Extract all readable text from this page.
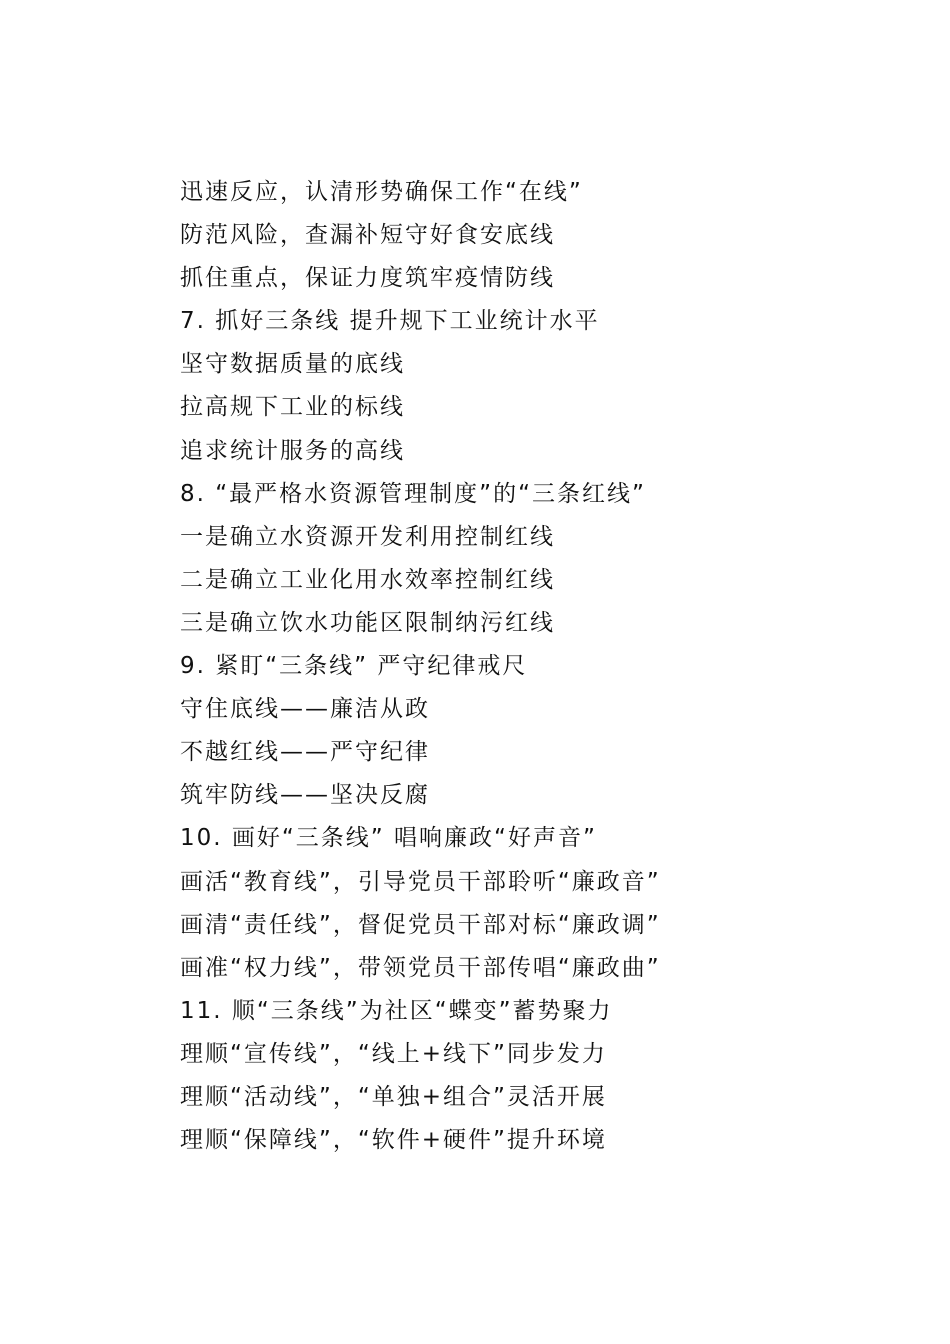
迅速反应，认清形势确保工作“在线”
防范风险，查漏补短守好食安底线
抓住重点，保证力度筑牢疫情防线
7. 抓好三条线 提升规下工业统计水平
坚守数据质量的底线
拉高规下工业的标线
追求统计服务的高线
8. “最严格水资源管理制度”的“三条红线”
一是确立水资源开发利用控制红线
二是确立工业化用水效率控制红线
三是确立饮水功能区限制纳污红线
9. 紧盯“三条线” 严守纪律戒尺
守住底线——廉洁从政
不越红线——严守纪律
筑牢防线——坚决反腐
10. 画好“三条线” 唱响廉政“好声音”
画活“教育线”，引导党员干部聆听“廉政音”
画清“责任线”，督促党员干部对标“廉政调”
画准“权力线”，带领党员干部传唱“廉政曲”
11. 顺“三条线”为社区“蝶变”蓄势聚力
理顺“宣传线”，“线上+线下”同步发力
理顺“活动线”，“单独+组合”灵活开展
理顺“保障线”，“软件+硬件”提升环境
